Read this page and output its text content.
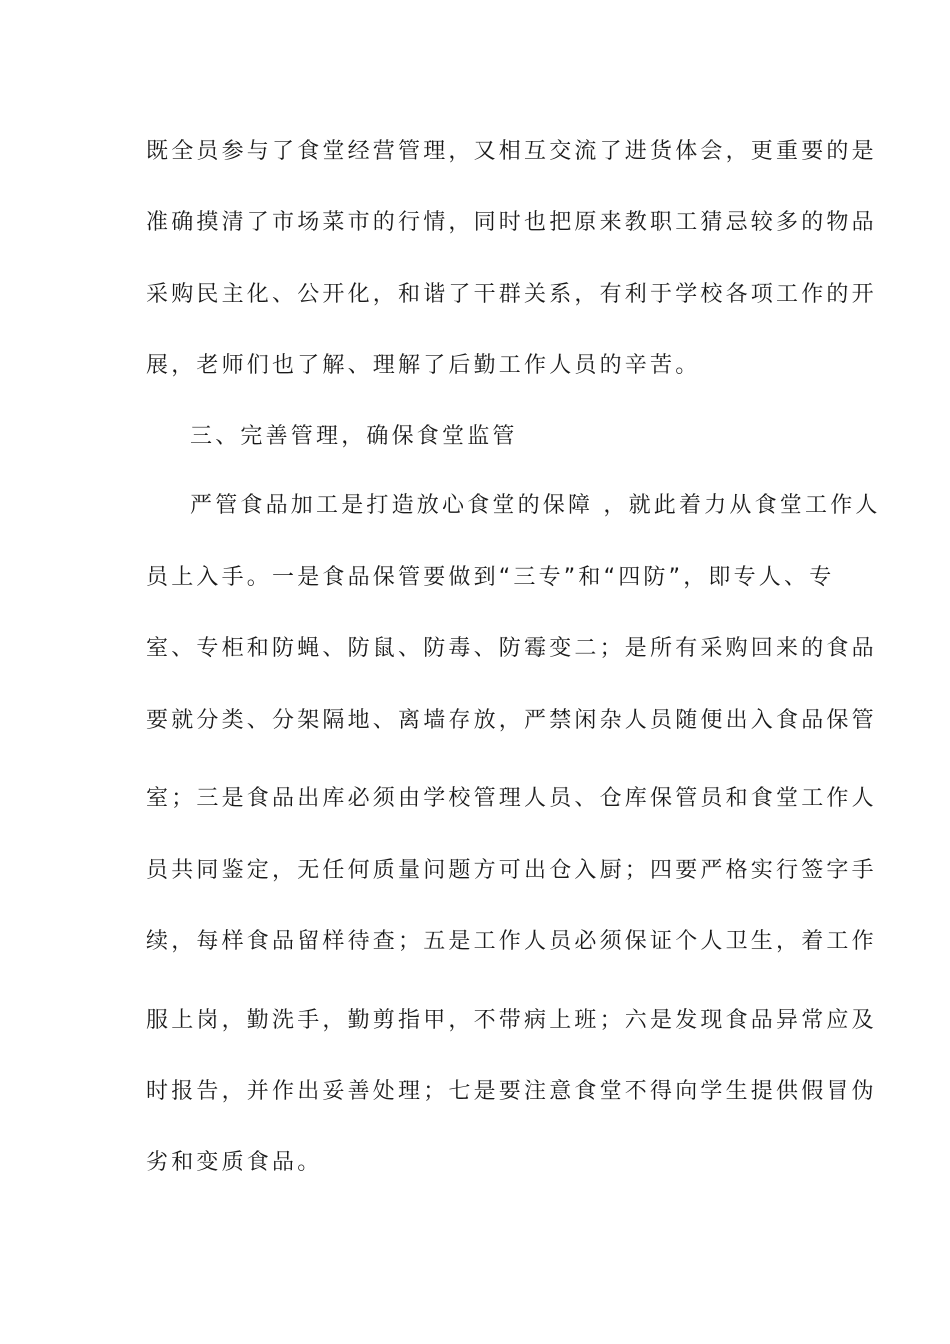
既全员参与了食堂经营管理，又相互交流了进货体会，更重要的是
准确摸清了市场菜市的行情，同时也把原来教职工猜忌较多的物品
采购民主化、公开化，和谐了干群关系，有利于学校各项工作的开
展，老师们也了解、理解了后勤工作人员的辛苦。
三、完善管理，确保食堂监管
严管食品加工是打造放心食堂的保障 ，就此着力从食堂工作人
员上入手。一是食品保管要做到“三专”和“四防”，即专人、专
室、专柜和防蝇、防鼠、防毒、防霉变二；是所有采购回来的食品
要就分类、分架隔地、离墙存放，严禁闲杂人员随便出入食品保管
室；三是食品出库必须由学校管理人员、仓库保管员和食堂工作人
员共同鉴定，无任何质量问题方可出仓入厨；四要严格实行签字手
续，每样食品留样待查；五是工作人员必须保证个人卫生，着工作
服上岗，勤洗手，勤剪指甲，不带病上班；六是发现食品异常应及
时报告，并作出妥善处理；七是要注意食堂不得向学生提供假冒伪
劣和变质食品。
